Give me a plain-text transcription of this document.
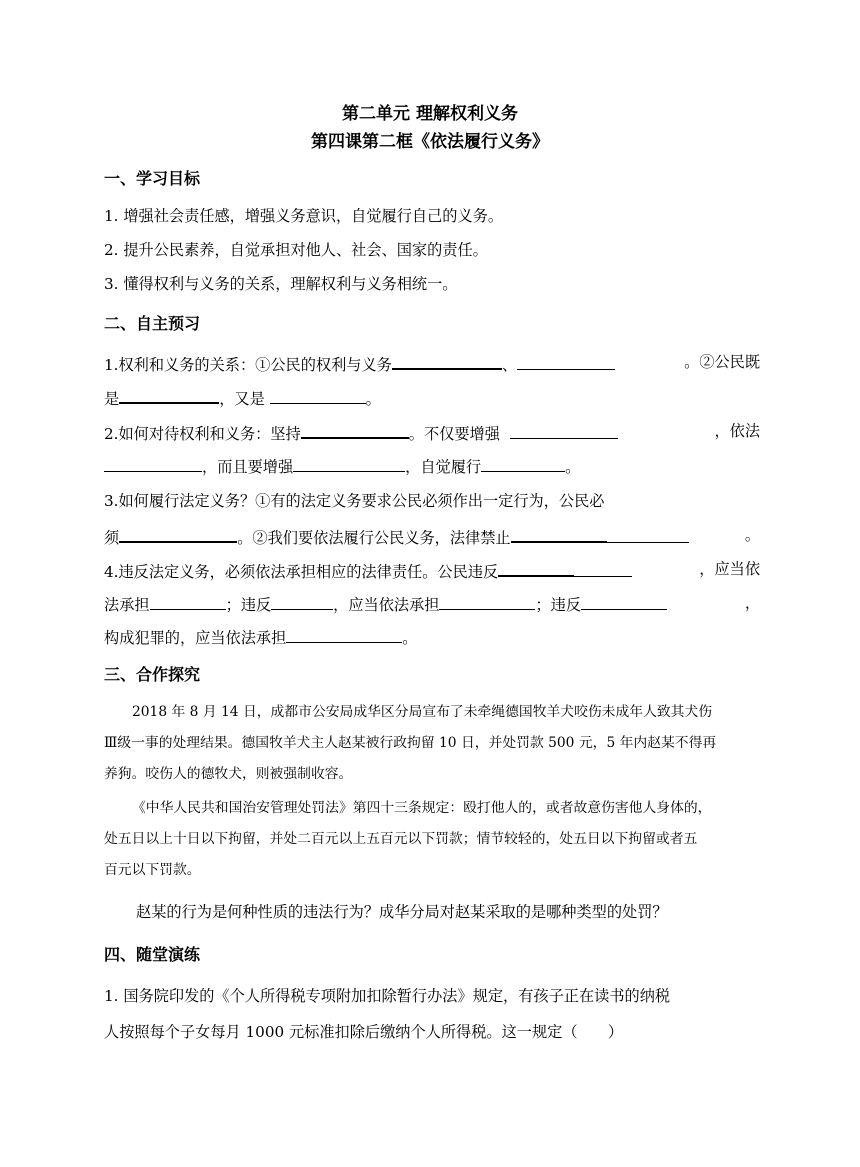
第二单元 理解权利义务
第四课第二框《依法履行义务》
一、学习目标
1. 增强社会责任感，增强义务意识，自觉履行自己的义务。
2. 提升公民素养，自觉承担对他人、社会、国家的责任。
3. 懂得权利与义务的关系，理解权利与义务相统一。
二、自主预习
1.权利和义务的关系：①公民的权利与义务	、	。②公民既
是	，又是	。
2.如何对待权利和义务：坚持	。不仅要增强	，依法
，而且要增强	，自觉履行	。
3.如何履行法定义务？①有的法定义务要求公民必须作出一定行为，公民必
须	。②我们要依法履行公民义务，法律禁止	。
4.违反法定义务，必须依法承担相应的法律责任。公民违反	，应当依
法承担	；违反	，应当依法承担	；违反	，
构成犯罪的，应当依法承担	。
三、合作探究
2018 年 8 月 14 日，成都市公安局成华区分局宣布了未牵绳德国牧羊犬咬伤未成年人致其犬伤
Ⅲ级一事的处理结果。德国牧羊犬主人赵某被行政拘留 10 日，并处罚款 500 元，5 年内赵某不得再
养狗。咬伤人的德牧犬，则被强制收容。
《中华人民共和国治安管理处罚法》第四十三条规定：殴打他人的，或者故意伤害他人身体的，
处五日以上十日以下拘留，并处二百元以上五百元以下罚款；情节较轻的，处五日以下拘留或者五
百元以下罚款。
赵某的行为是何种性质的违法行为？成华分局对赵某采取的是哪种类型的处罚？
四、随堂演练
1. 国务院印发的《个人所得税专项附加扣除暂行办法》规定，有孩子正在读书的纳税
人按照每个子女每月 1000 元标准扣除后缴纳个人所得税。这一规定（　　）
